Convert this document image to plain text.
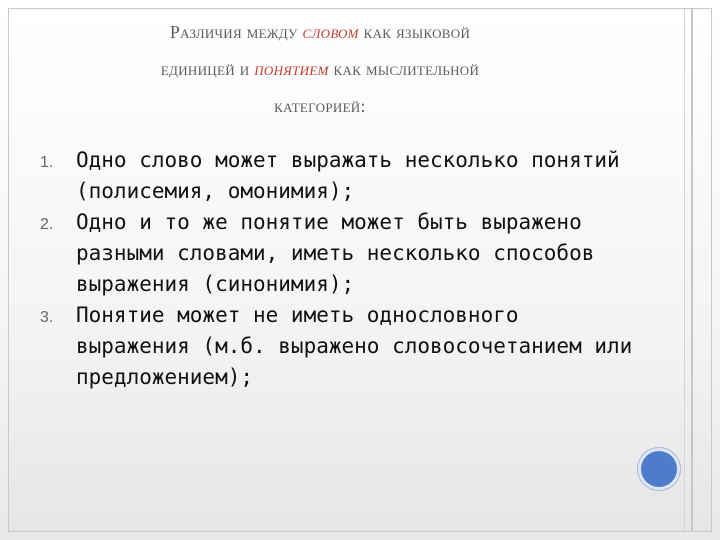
Различия между словом как языковой
единицей и понятием как мыслительной
категорией:
1.	Одно слово может выражать несколько понятий (полисемия, омонимия);
2.	Одно и то же понятие может быть выражено разными словами, иметь несколько способов выражения (синонимия);
3.	Понятие может не иметь однословного выражения (м.б. выражено словосочетанием или предложением);
